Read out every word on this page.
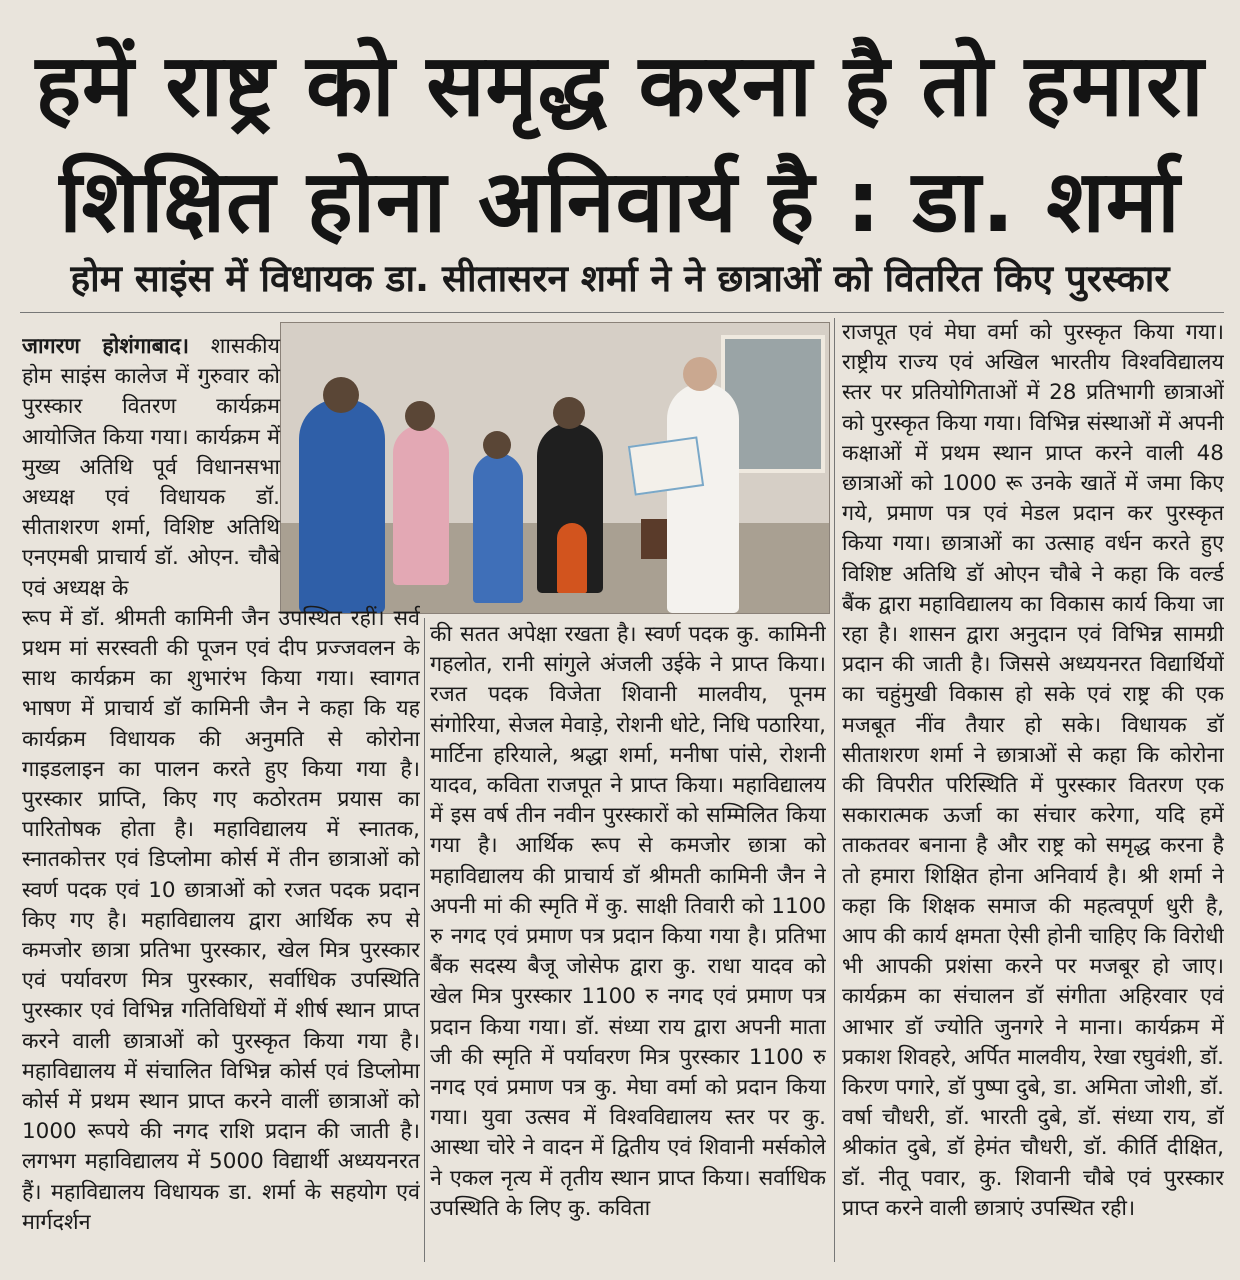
हमें राष्ट्र को समृद्ध करना है तो हमारा
शिक्षित होना अनिवार्य है : डा. शर्मा
होम साइंस में विधायक डा. सीतासरन शर्मा ने ने छात्राओं को वितरित किए पुरस्कार
जागरण होशंगाबाद। शासकीय होम साइंस कालेज में गुरुवार को पुरस्कार वितरण कार्यक्रम आयोजित किया गया। कार्यक्रम में मुख्य अतिथि पूर्व विधानसभा अध्यक्ष एवं विधायक डॉ. सीताशरण शर्मा, विशिष्ट अतिथि एनएमबी प्राचार्य डॉ. ओएन. चौबे एवं अध्यक्ष के
रूप में डॉ. श्रीमती कामिनी जैन उपस्थित रहीं। सर्व प्रथम मां सरस्वती की पूजन एवं दीप प्रज्जवलन के साथ कार्यक्रम का शुभारंभ किया गया। स्वागत भाषण में प्राचार्य डॉ कामिनी जैन ने कहा कि यह कार्यक्रम विधायक की अनुमति से कोरोना गाइडलाइन का पालन करते हुए किया गया है। पुरस्कार प्राप्ति, किए गए कठोरतम प्रयास का पारितोषक होता है। महाविद्यालय में स्नातक, स्नातकोत्तर एवं डिप्लोमा कोर्स में तीन छात्राओं को स्वर्ण पदक एवं 10 छात्राओं को रजत पदक प्रदान किए गए है। महाविद्यालय द्वारा आर्थिक रुप से कमजोर छात्रा प्रतिभा पुरस्कार, खेल मित्र पुरस्कार एवं पर्यावरण मित्र पुरस्कार, सर्वाधिक उपस्थिति पुरस्कार एवं विभिन्न गतिविधियों में शीर्ष स्थान प्राप्त करने वाली छात्राओं को पुरस्कृत किया गया है। महाविद्यालय में संचालित विभिन्न कोर्स एवं डिप्लोमा कोर्स में प्रथम स्थान प्राप्त करने वालीं छात्राओं को 1000 रूपये की नगद राशि प्रदान की जाती है। लगभग महाविद्यालय में 5000 विद्यार्थी अध्ययनरत हैं। महाविद्यालय विधायक डा. शर्मा के सहयोग एवं मार्गदर्शन
की सतत अपेक्षा रखता है। स्वर्ण पदक कु. कामिनी गहलोत, रानी सांगुले अंजली उईके ने प्राप्त किया। रजत पदक विजेता शिवानी मालवीय, पूनम संगोरिया, सेजल मेवाड़े, रोशनी धोटे, निधि पठारिया, मार्टिना हरियाले, श्रद्धा शर्मा, मनीषा पांसे, रोशनी यादव, कविता राजपूत ने प्राप्त किया। महाविद्यालय में इस वर्ष तीन नवीन पुरस्कारों को सम्मिलित किया गया है। आर्थिक रूप से कमजोर छात्रा को महाविद्यालय की प्राचार्य डॉ श्रीमती कामिनी जैन ने अपनी मां की स्मृति में कु. साक्षी तिवारी को 1100 रु नगद एवं प्रमाण पत्र प्रदान किया गया है। प्रतिभा बैंक सदस्य बैजू जोसेफ द्वारा कु. राधा यादव को खेल मित्र पुरस्कार 1100 रु नगद एवं प्रमाण पत्र प्रदान किया गया। डॉ. संध्या राय द्वारा अपनी माता जी की स्मृति में पर्यावरण मित्र पुरस्कार 1100 रु नगद एवं प्रमाण पत्र कु. मेघा वर्मा को प्रदान किया गया। युवा उत्सव में विश्वविद्यालय स्तर पर कु. आस्था चोरे ने वादन में द्वितीय एवं शिवानी मर्सकोले ने एकल नृत्य में तृतीय स्थान प्राप्त किया। सर्वाधिक उपस्थिति के लिए कु. कविता
राजपूत एवं मेघा वर्मा को पुरस्कृत किया गया। राष्ट्रीय राज्य एवं अखिल भारतीय विश्वविद्यालय स्तर पर प्रतियोगिताओं में 28 प्रतिभागी छात्राओं को पुरस्कृत किया गया। विभिन्न संस्थाओं में अपनी कक्षाओं में प्रथम स्थान प्राप्त करने वाली 48 छात्राओं को 1000 रू उनके खातें में जमा किए गये, प्रमाण पत्र एवं मेडल प्रदान कर पुरस्कृत किया गया। छात्राओं का उत्साह वर्धन करते हुए विशिष्ट अतिथि डॉ ओएन चौबे ने कहा कि वर्ल्ड बैंक द्वारा महाविद्यालय का विकास कार्य किया जा रहा है। शासन द्वारा अनुदान एवं विभिन्न सामग्री प्रदान की जाती है। जिससे अध्ययनरत विद्यार्थियों का चहुंमुखी विकास हो सके एवं राष्ट्र की एक मजबूत नींव तैयार हो सके। विधायक डॉ सीताशरण शर्मा ने छात्राओं से कहा कि कोरोना की विपरीत परिस्थिति में पुरस्कार वितरण एक सकारात्मक ऊर्जा का संचार करेगा, यदि हमें ताकतवर बनाना है और राष्ट्र को समृद्ध करना है तो हमारा शिक्षित होना अनिवार्य है। श्री शर्मा ने कहा कि शिक्षक समाज की महत्वपूर्ण धुरी है, आप की कार्य क्षमता ऐसी होनी चाहिए कि विरोधी भी आपकी प्रशंसा करने पर मजबूर हो जाए। कार्यक्रम का संचालन डॉ संगीता अहिरवार एवं आभार डॉ ज्योति जुनगरे ने माना। कार्यक्रम में प्रकाश शिवहरे, अर्पित मालवीय, रेखा रघुवंशी, डॉ. किरण पगारे, डॉ पुष्पा दुबे, डा. अमिता जोशी, डॉ. वर्षा चौधरी, डॉ. भारती दुबे, डॉ. संध्या राय, डॉ श्रीकांत दुबे, डॉ हेमंत चौधरी, डॉ. कीर्ति दीक्षित, डॉ. नीतू पवार, कु. शिवानी चौबे एवं पुरस्कार प्राप्त करने वाली छात्राएं उपस्थित रही।
